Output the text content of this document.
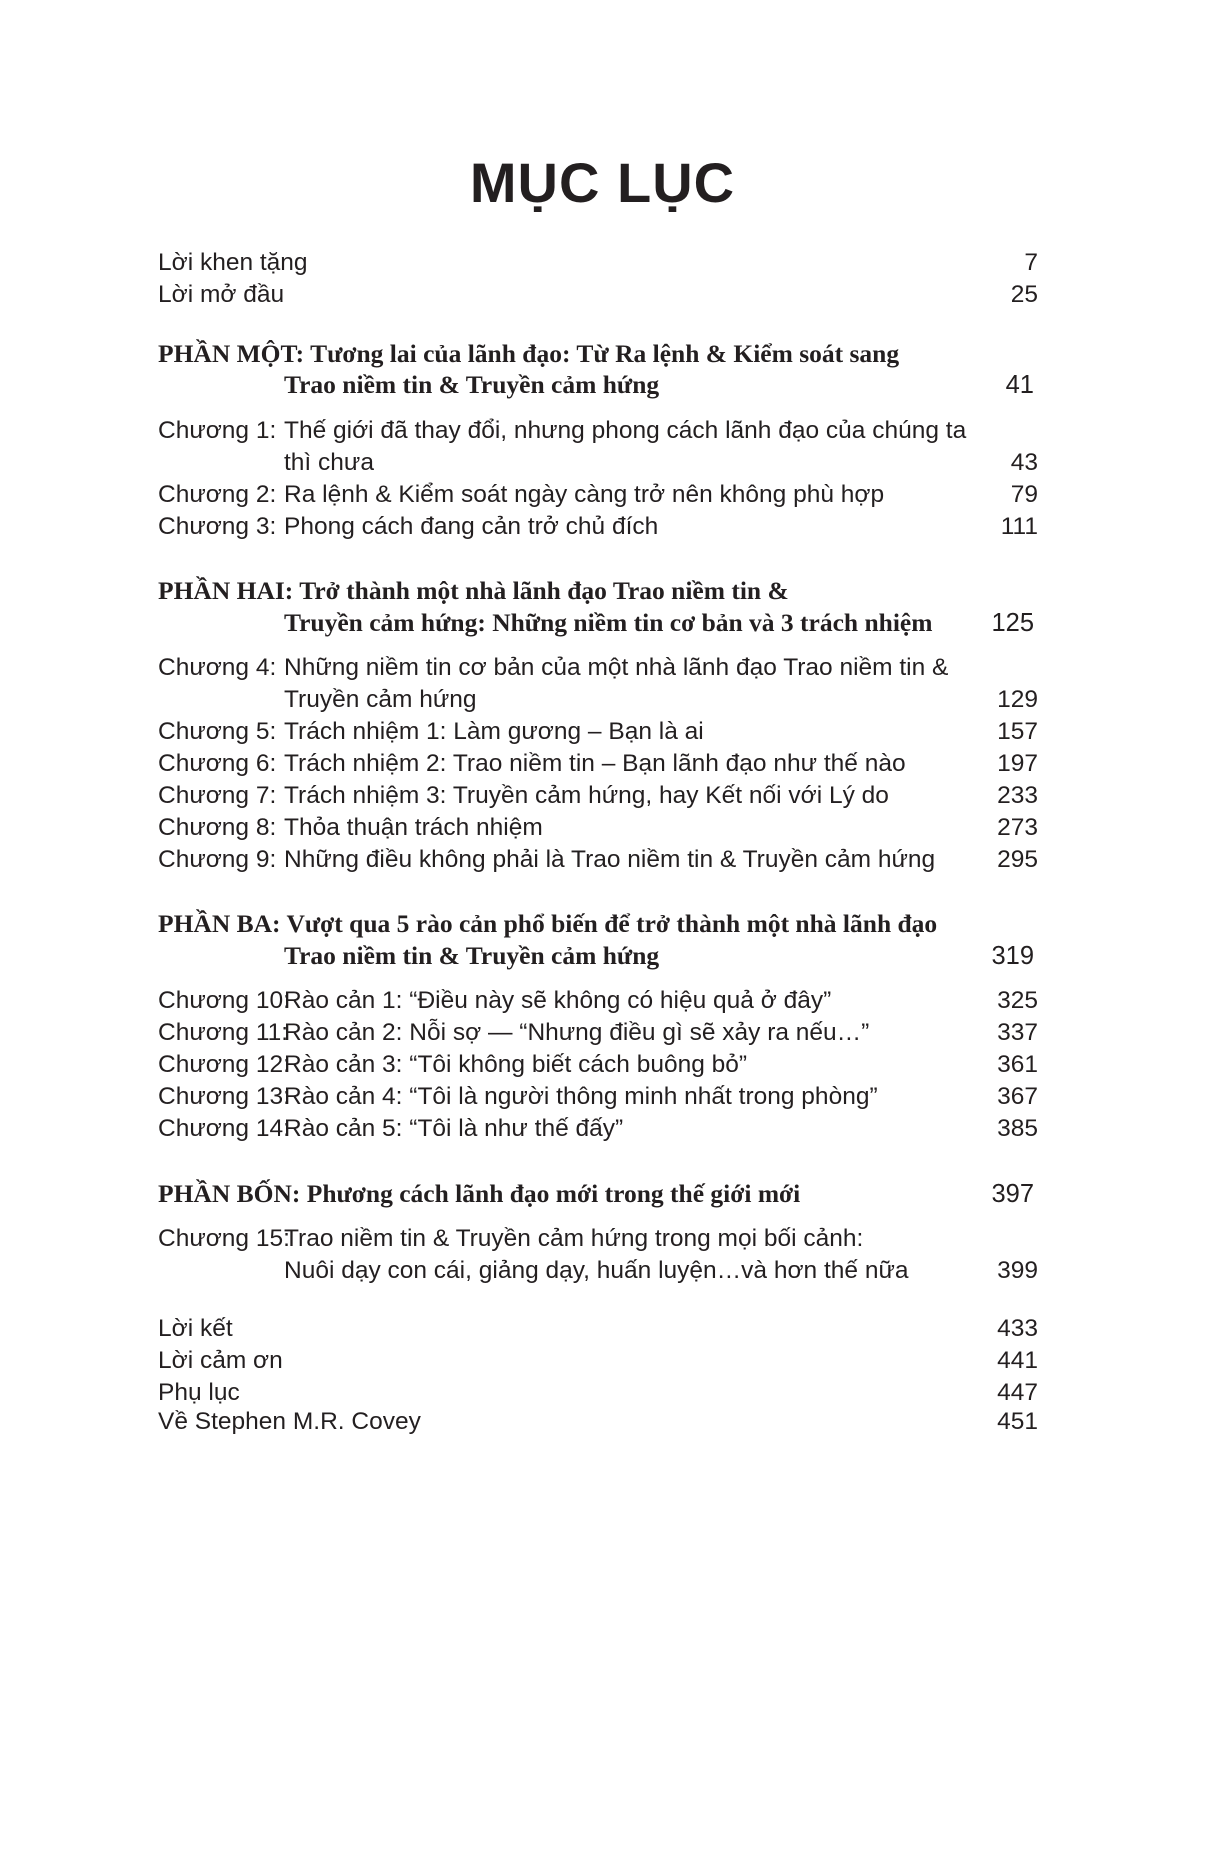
MỤC LỤC
Lời khen tặng	7
Lời mở đầu	25
PHẦN MỘT: Tương lai của lãnh đạo: Từ Ra lệnh & Kiểm soát sang
Trao niềm tin & Truyền cảm hứng	41
Chương 1: Thế giới đã thay đổi, nhưng phong cách lãnh đạo của chúng ta
thì chưa	43
Chương 2: Ra lệnh & Kiểm soát ngày càng trở nên không phù hợp	79
Chương 3: Phong cách đang cản trở chủ đích	111
PHẦN HAI: Trở thành một nhà lãnh đạo Trao niềm tin &
Truyền cảm hứng: Những niềm tin cơ bản và 3 trách nhiệm 125
Chương 4: Những niềm tin cơ bản của một nhà lãnh đạo Trao niềm tin &
Truyền cảm hứng	129
Chương 5: Trách nhiệm 1: Làm gương – Bạn là ai	157
Chương 6: Trách nhiệm 2: Trao niềm tin – Bạn lãnh đạo như thế nào	197
Chương 7: Trách nhiệm 3: Truyền cảm hứng, hay Kết nối với Lý do	233
Chương 8: Thỏa thuận trách nhiệm	273
Chương 9:Những điều không phải là Trao niềm tin & Truyền cảm hứng	295
PHẦN BA: Vượt qua 5 rào cản phổ biến để trở thành một nhà lãnh đạo
Trao niềm tin & Truyền cảm hứng	319
Chương 10:Rào cản 1: “Điều này sẽ không có hiệu quả ở đây”	325
Chương 11:Rào cản 2: Nỗi sợ — “Nhưng điều gì sẽ xảy ra nếu…”	337
Chương 12:Rào cản 3: “Tôi không biết cách buông bỏ”	361
Chương 13:Rào cản 4: “Tôi là người thông minh nhất trong phòng”	367
Chương 14:Rào cản 5: “Tôi là như thế đấy”	385
PHẦN BỐN: Phương cách lãnh đạo mới trong thế giới mới	397
Chương 15:Trao niềm tin & Truyền cảm hứng trong mọi bối cảnh:
Nuôi dạy con cái, giảng dạy, huấn luyện…và hơn thế nữa	399
Lời kết	433
Lời cảm ơn	441
Phụ lục	447
Về Stephen M.R. Covey	451
